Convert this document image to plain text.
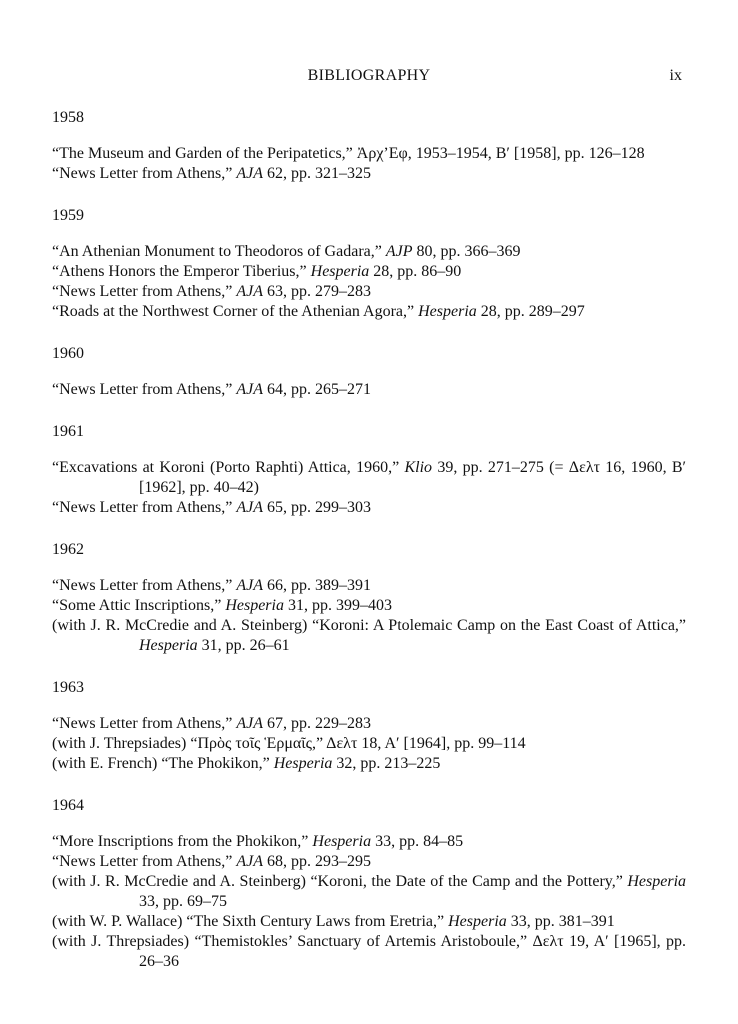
BIBLIOGRAPHY	ix
1958

“The Museum and Garden of the Peripatetics,” Ἀρχ’Εφ, 1953–1954, Β′ [1958], pp. 126–128

“News Letter from Athens,” AJA 62, pp. 321–325

1959

“An Athenian Monument to Theodoros of Gadara,” AJP 80, pp. 366–369

“Athens Honors the Emperor Tiberius,” Hesperia 28, pp. 86–90

“News Letter from Athens,” AJA 63, pp. 279–283

“Roads at the Northwest Corner of the Athenian Agora,” Hesperia 28, pp. 289–297

1960

“News Letter from Athens,” AJA 64, pp. 265–271

1961

“Excavations at Koroni (Porto Raphti) Attica, 1960,” Klio 39, pp. 271–275 (= Δελτ 16, 1960, Β′ [1962], pp. 40–42)

“News Letter from Athens,” AJA 65, pp. 299–303

1962

“News Letter from Athens,” AJA 66, pp. 389–391

“Some Attic Inscriptions,” Hesperia 31, pp. 399–403

(with J. R. McCredie and A. Steinberg) “Koroni: A Ptolemaic Camp on the East Coast of Attica,” Hesperia 31, pp. 26–61

1963

“News Letter from Athens,” AJA 67, pp. 229–283

(with J. Threpsiades) “Πρὸς τοῖς Ἑρμαῖς,” Δελτ 18, Α′ [1964], pp. 99–114

(with E. French) “The Phokikon,” Hesperia 32, pp. 213–225

1964

“More Inscriptions from the Phokikon,” Hesperia 33, pp. 84–85

“News Letter from Athens,” AJA 68, pp. 293–295

(with J. R. McCredie and A. Steinberg) “Koroni, the Date of the Camp and the Pottery,” Hesperia 33, pp. 69–75

(with W. P. Wallace) “The Sixth Century Laws from Eretria,” Hesperia 33, pp. 381–391

(with J. Threpsiades) “Themistokles’ Sanctuary of Artemis Aristoboule,” Δελτ 19, Α′ [1965], pp. 26–36
